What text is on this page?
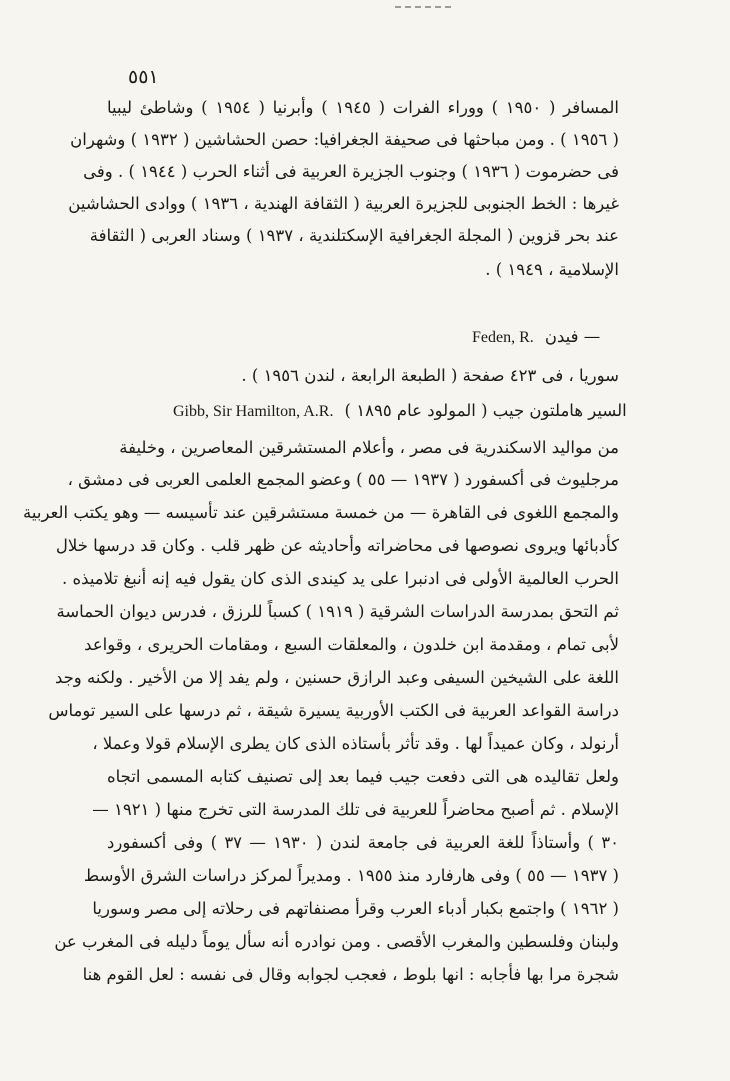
٥٥١
المسافر ( ١٩٥٠ ) ووراء الفرات ( ١٩٤٥ ) وأبرنيا ( ١٩٥٤ ) وشاطئ ليبيا
( ١٩٥٦ ) . ومن مباحثها فى صحيفة الجغرافيا: حصن الحشاشين ( ١٩٣٢ ) وشهران
فى حضرموت ( ١٩٣٦ ) وجنوب الجزيرة العربية فى أثناء الحرب ( ١٩٤٤ ) . وفى
غيرها : الخط الجنوبى للجزيرة العربية ( الثقافة الهندية ، ١٩٣٦ ) ووادى الحشاشين
عند بحر قزوين ( المجلة الجغرافية الإسكتلندية ، ١٩٣٧ ) وسناد العربى ( الثقافة
الإسلامية ، ١٩٤٩ ) .
Feden, R. فيدن —
سوريا ، فى ٤٢٣ صفحة ( الطبعة الرابعة ، لندن ١٩٥٦ ) .
Gibb, Sir Hamilton, A.R. السير هاملتون جيب ( المولود عام ١٨٩٥ )
من مواليد الاسكندرية فى مصر ، وأعلام المستشرقين المعاصرين ، وخليفة
مرجليوث فى أكسفورد ( ١٩٣٧ — ٥٥ ) وعضو المجمع العلمى العربى فى دمشق ،
والمجمع اللغوى فى القاهرة — من خمسة مستشرقين عند تأسيسه — وهو يكتب العربية
كأدبائها ويروى نصوصها فى محاضراته وأحاديثه عن ظهر قلب . وكان قد درسها خلال
الحرب العالمية الأولى فى ادنبرا على يد كيندى الذى كان يقول فيه إنه أنبغ تلاميذه .
ثم التحق بمدرسة الدراسات الشرقية ( ١٩١٩ ) كسباً للرزق ، فدرس ديوان الحماسة
لأبى تمام ، ومقدمة ابن خلدون ، والمعلقات السبع ، ومقامات الحريرى ، وقواعد
اللغة على الشيخين السيفى وعبد الرازق حسنين ، ولم يفد إلا من الأخير . ولكنه وجد
دراسة القواعد العربية فى الكتب الأوربية يسيرة شيقة ، ثم درسها على السير توماس
أرنولد ، وكان عميداً لها . وقد تأثر بأستاذه الذى كان يطرى الإسلام قولا وعملا ،
ولعل تقاليده هى التى دفعت جيب فيما بعد إلى تصنيف كتابه المسمى اتجاه
الإسلام . ثم أصبح محاضراً للعربية فى تلك المدرسة التى تخرج منها ( ١٩٢١ —
٣٠ ) وأستاذاً للغة العربية فى جامعة لندن ( ١٩٣٠ — ٣٧ ) وفى أكسفورد
( ١٩٣٧ — ٥٥ ) وفى هارفارد منذ ١٩٥٥ . ومديراً لمركز دراسات الشرق الأوسط
( ١٩٦٢ ) واجتمع بكبار أدباء العرب وقرأ مصنفاتهم فى رحلاته إلى مصر وسوريا
ولبنان وفلسطين والمغرب الأقصى . ومن نوادره أنه سأل يوماً دليله فى المغرب عن
شجرة مرا بها فأجابه : انها بلوط ، فعجب لجوابه وقال فى نفسه : لعل القوم هنا
